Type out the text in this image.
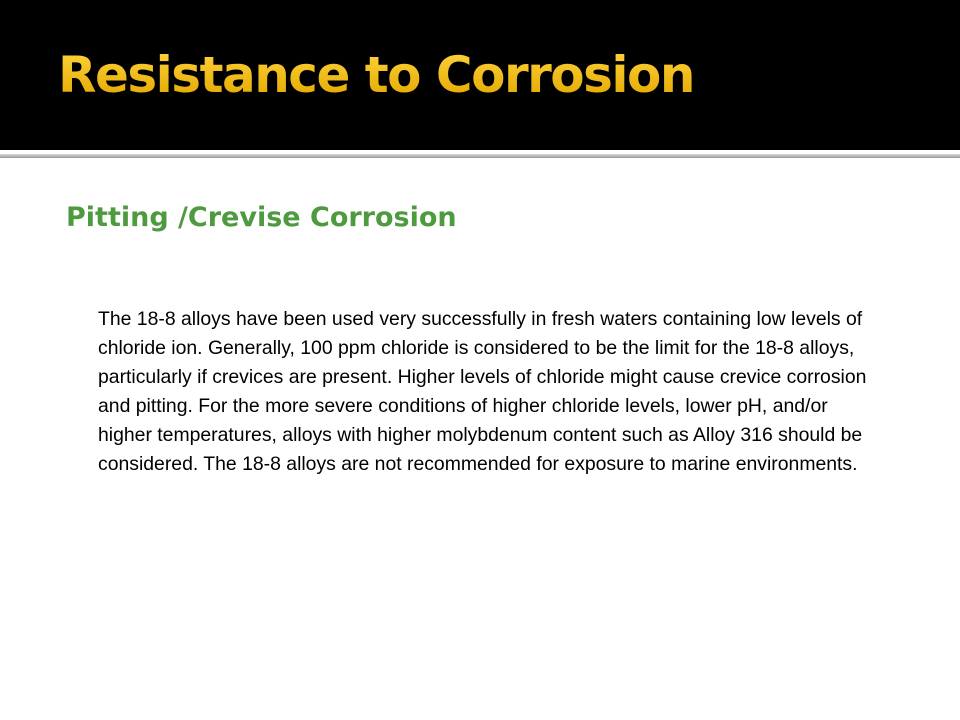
Resistance to Corrosion
Pitting /Crevise Corrosion

The 18-8 alloys have been used very successfully in fresh waters containing low levels of chloride ion. Generally, 100 ppm chloride is considered to be the limit for the 18-8 alloys, particularly if crevices are present. Higher levels of chloride might cause crevice corrosion and pitting. For the more severe conditions of higher chloride levels, lower pH, and/or higher temperatures, alloys with higher molybdenum content such as Alloy 316 should be considered. The 18-8 alloys are not recommended for exposure to marine environments.
